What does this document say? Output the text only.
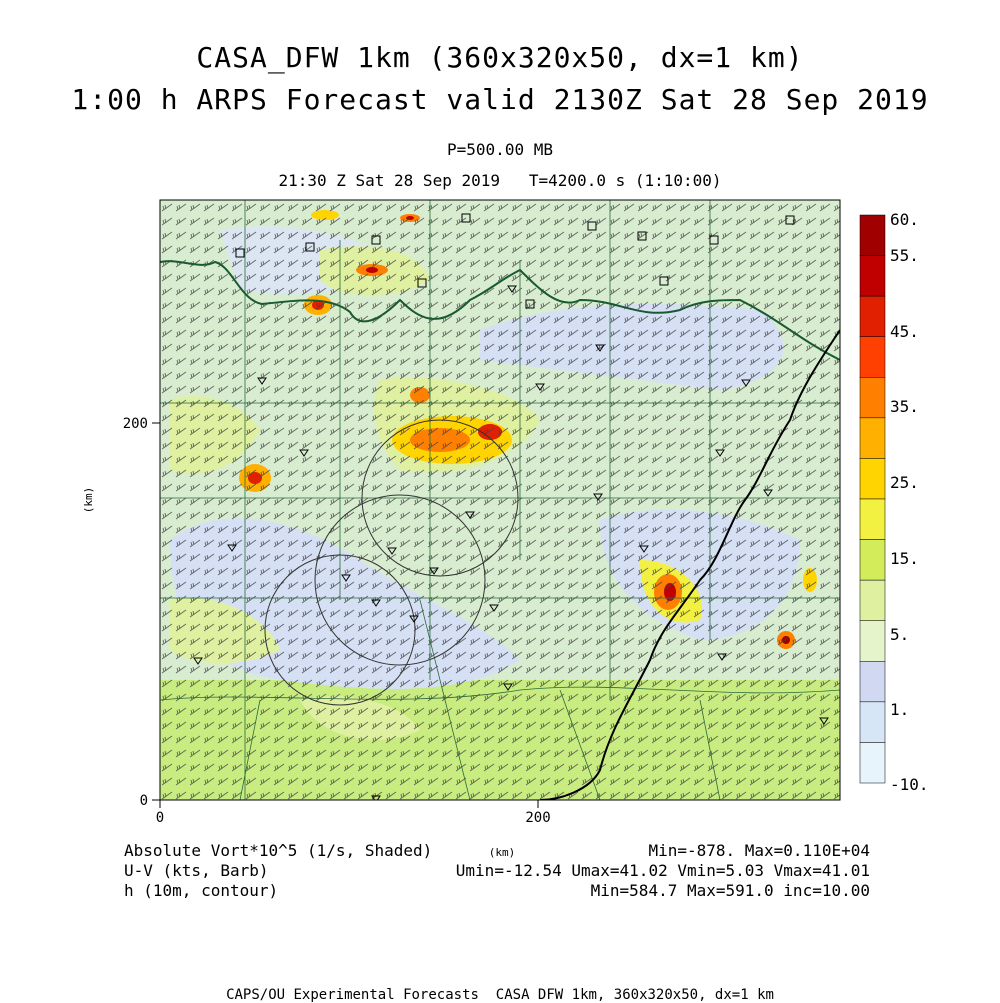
CASA_DFW 1km (360x320x50, dx=1 km)
1:00 h ARPS Forecast valid 2130Z Sat 28 Sep 2019
P=500.00 MB
21:30 Z Sat 28 Sep 2019   T=4200.0 s (1:10:00)
0	200
0
200
(km)
(km)
60.
55.
45.
35.
25.
15.
5.
1.
-10.
Absolute Vort*10^5 (1/s, Shaded)
U-V (kts, Barb)
h (10m, contour)
Min=-878. Max=0.110E+04
Umin=-12.54 Umax=41.02 Vmin=5.03 Vmax=41.01
Min=584.7 Max=591.0 inc=10.00
CAPS/OU Experimental Forecasts  CASA DFW 1km, 360x320x50, dx=1 km
